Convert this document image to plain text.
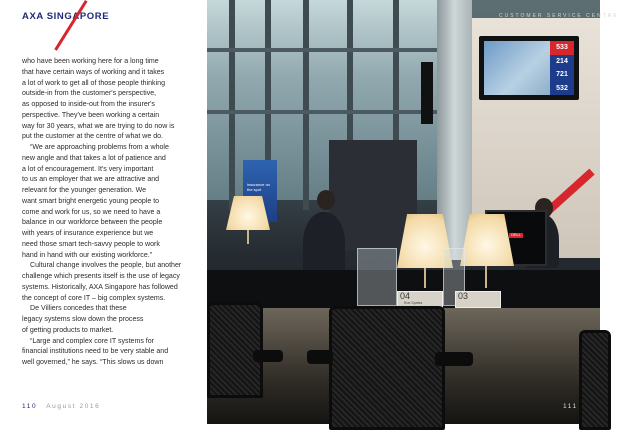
AXA SINGAPORE
who have been working here for a long time
that have certain ways of working and it takes
a lot of work to get all of those people thinking
outside-in from the customer's perspective,
as opposed to inside-out from the insurer's
perspective. They've been working a certain
way for 30 years, what we are trying to do now is
put the customer at the centre of what we do.
“We are approaching problems from a whole
new angle and that takes a lot of patience and
a lot of encouragement. It's very important
to us an employer that we are attractive and
relevant for the younger generation. We
want smart bright energetic young people to
come and work for us, so we need to have a
balance in our workforce between the people
with years of insurance experience but we
need those smart tech-savvy people to work
hand in hand with our existing workforce.”
Cultural change involves the people, but another
challenge which presents itself is the use of legacy
systems. Historically, AXA Singapore has followed
the concept of core IT – big complex systems.
De Villiers concedes that these
legacy systems slow down the process
of getting products to market.
“Large and complex core IT systems for
financial institutions need to be very stable and
well governed,” he says. “This slows us down
110 August 2016
CUSTOMER SERVICE CENTRE
533
214
721
532
insurance on the spot
DELL
04
Roe Spates
03
111
